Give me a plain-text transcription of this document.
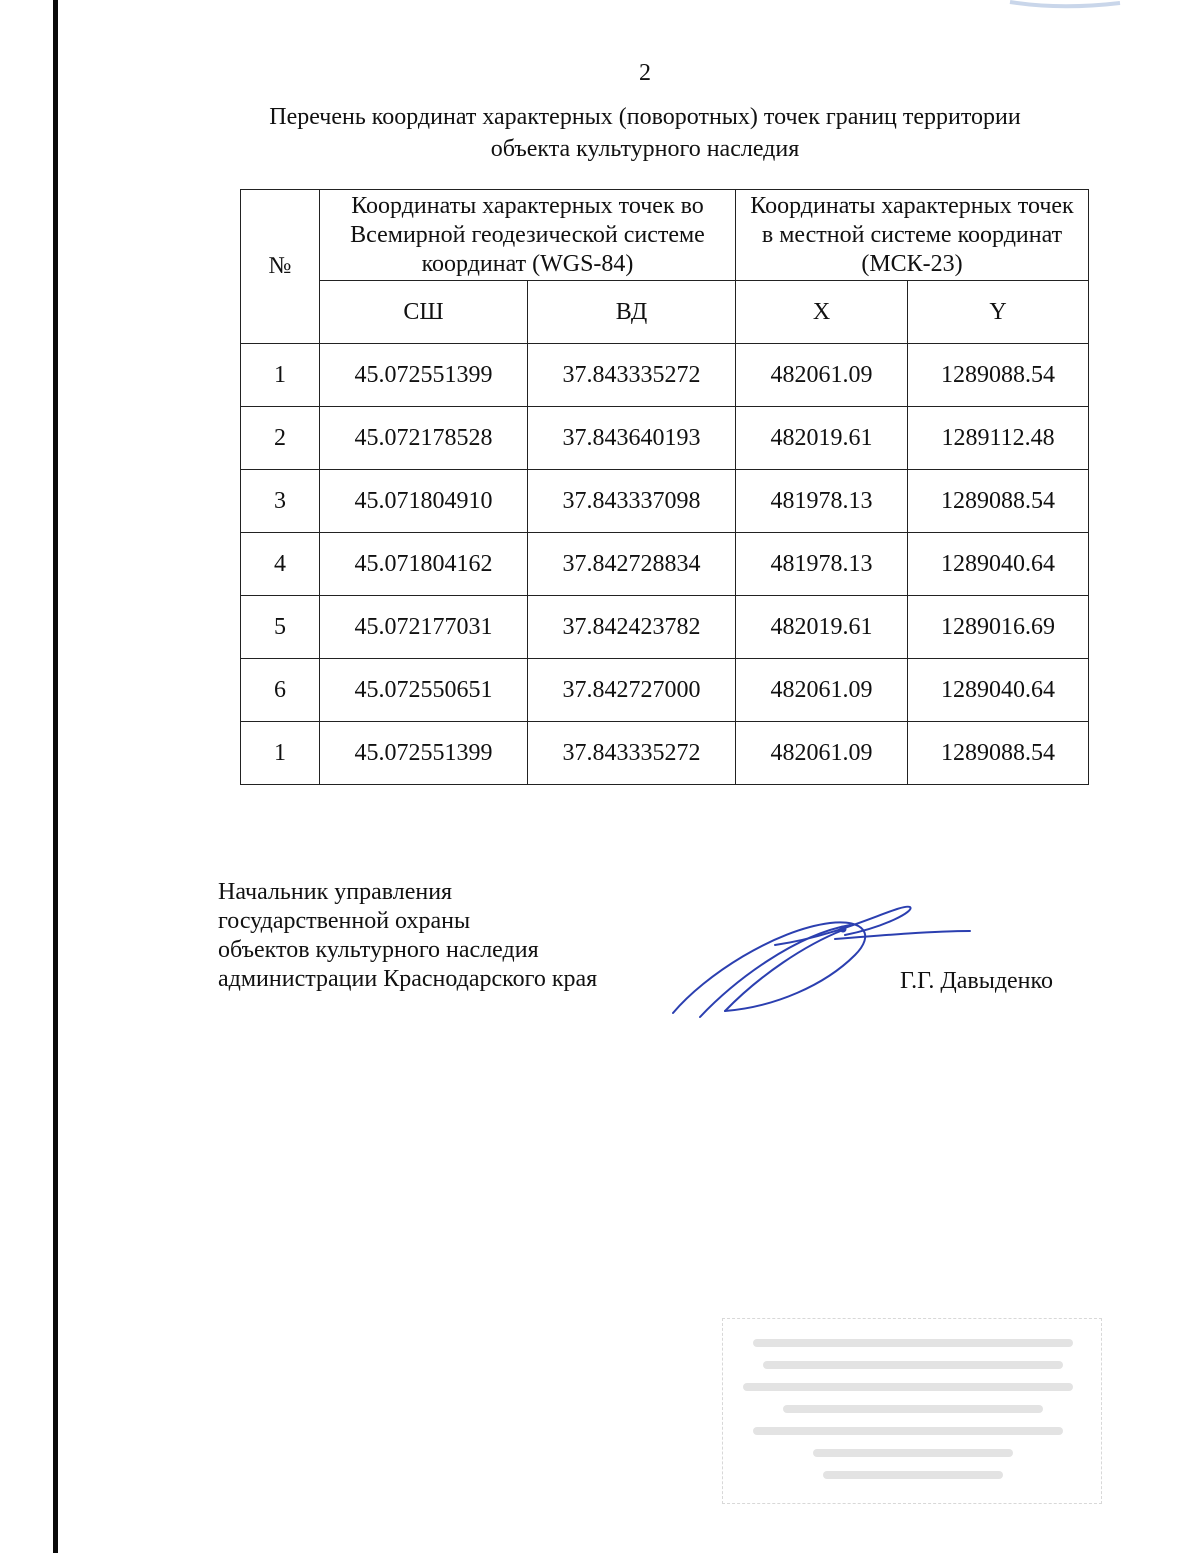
2
Перечень координат характерных (поворотных) точек границ территории
объекта культурного наследия
№	Координаты характерных точек во Всемирной геодезической системе координат (WGS-84)		Координаты характерных точек в местной системе координат (МСК-23)	
	СШ	ВД	X	Y
1	45.072551399	37.843335272	482061.09	1289088.54
2	45.072178528	37.843640193	482019.61	1289112.48
3	45.071804910	37.843337098	481978.13	1289088.54
4	45.071804162	37.842728834	481978.13	1289040.64
5	45.072177031	37.842423782	482019.61	1289016.69
6	45.072550651	37.842727000	482061.09	1289040.64
1	45.072551399	37.843335272	482061.09	1289088.54
Начальник управления
государственной охраны
объектов культурного наследия
администрации Краснодарского края	Г.Г. Давыденко
